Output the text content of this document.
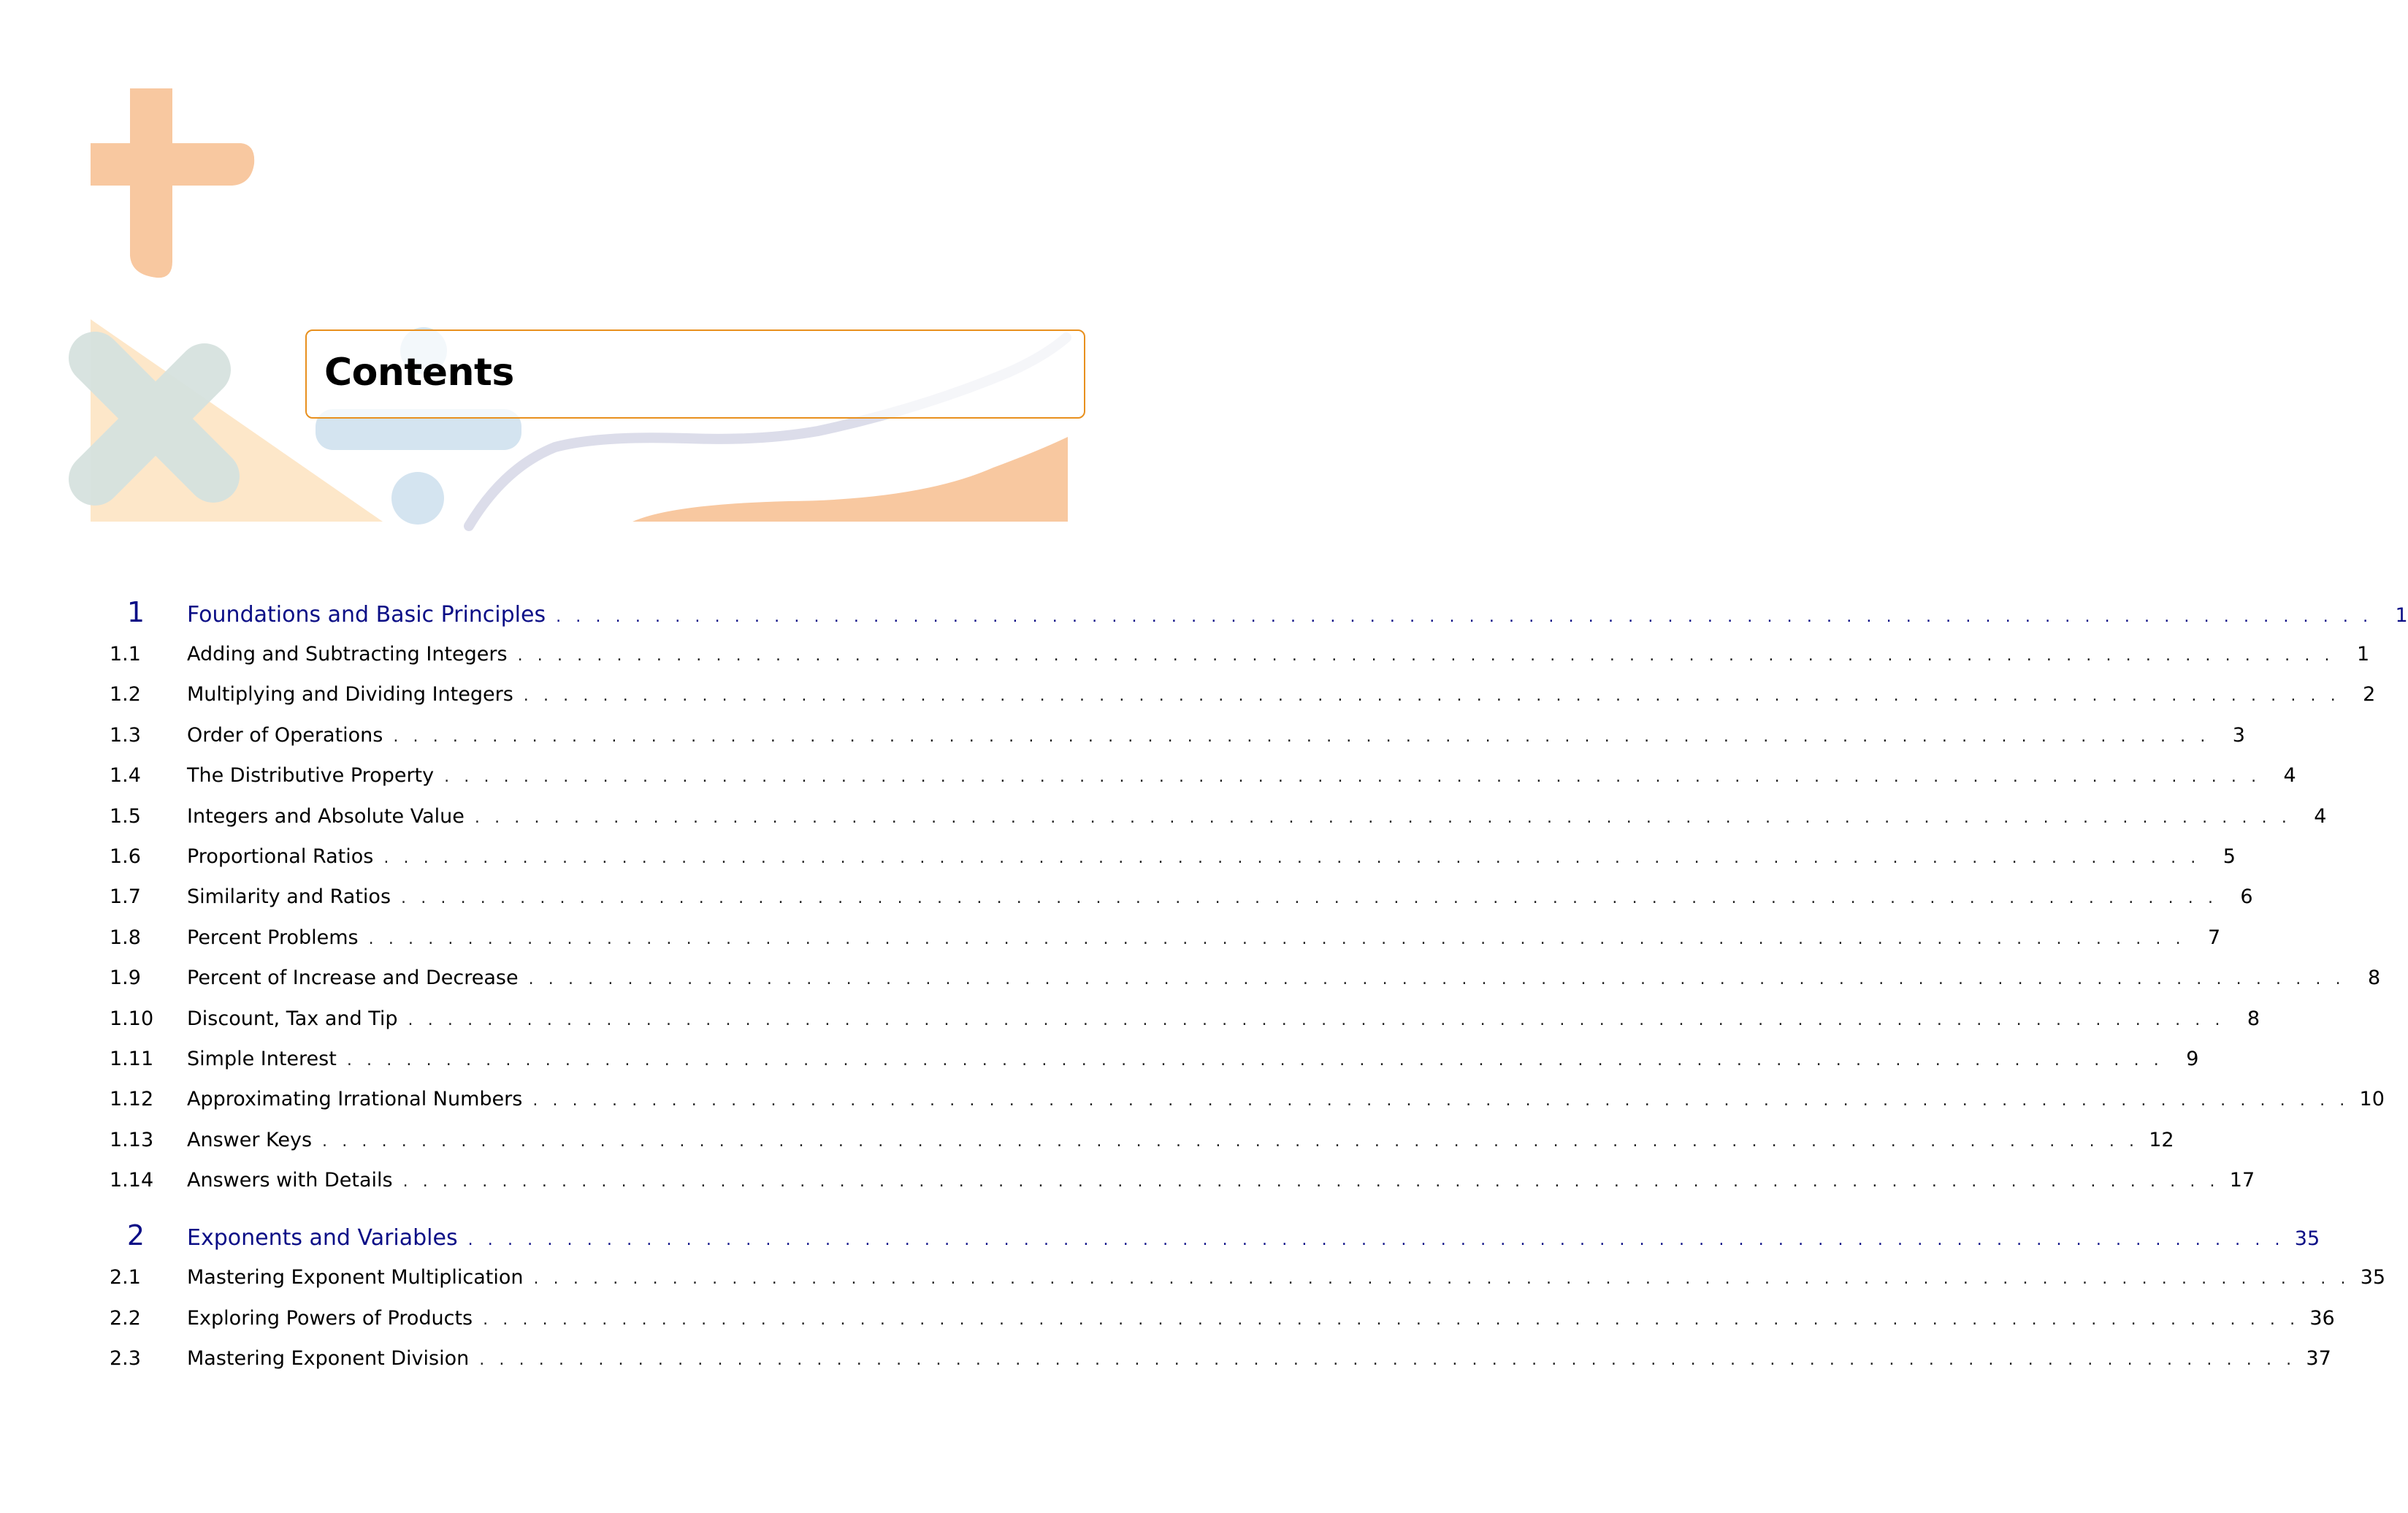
Contents
1	Foundations and Basic Principles . . . . . . . . . . . . . . . . . . . . . . . . . . . . . . . . . . . . . . . . . . . . . . . . . . . . . . . . . . . . . . . . . . . . . . . . . . . . . . . . . . . . . . . . . . . .	1
1.1	Adding and Subtracting Integers . . . . . . . . . . . . . . . . . . . . . . . . . . . . . . . . . . . . . . . . . . . . . . . . . . . . . . . . . . . . . . . . . . . . . . . . . . . . . . . . . . . . . . . . . . . .	1
1.2	Multiplying and Dividing Integers . . . . . . . . . . . . . . . . . . . . . . . . . . . . . . . . . . . . . . . . . . . . . . . . . . . . . . . . . . . . . . . . . . . . . . . . . . . . . . . . . . . . . . . . . . . .	2
1.3	Order of Operations . . . . . . . . . . . . . . . . . . . . . . . . . . . . . . . . . . . . . . . . . . . . . . . . . . . . . . . . . . . . . . . . . . . . . . . . . . . . . . . . . . . . . . . . . . . .	3
1.4	The Distributive Property . . . . . . . . . . . . . . . . . . . . . . . . . . . . . . . . . . . . . . . . . . . . . . . . . . . . . . . . . . . . . . . . . . . . . . . . . . . . . . . . . . . . . . . . . . . .	4
1.5	Integers and Absolute Value . . . . . . . . . . . . . . . . . . . . . . . . . . . . . . . . . . . . . . . . . . . . . . . . . . . . . . . . . . . . . . . . . . . . . . . . . . . . . . . . . . . . . . . . . . . .	4
1.6	Proportional Ratios . . . . . . . . . . . . . . . . . . . . . . . . . . . . . . . . . . . . . . . . . . . . . . . . . . . . . . . . . . . . . . . . . . . . . . . . . . . . . . . . . . . . . . . . . . . .	5
1.7	Similarity and Ratios . . . . . . . . . . . . . . . . . . . . . . . . . . . . . . . . . . . . . . . . . . . . . . . . . . . . . . . . . . . . . . . . . . . . . . . . . . . . . . . . . . . . . . . . . . . .	6
1.8	Percent Problems . . . . . . . . . . . . . . . . . . . . . . . . . . . . . . . . . . . . . . . . . . . . . . . . . . . . . . . . . . . . . . . . . . . . . . . . . . . . . . . . . . . . . . . . . . . .	7
1.9	Percent of Increase and Decrease . . . . . . . . . . . . . . . . . . . . . . . . . . . . . . . . . . . . . . . . . . . . . . . . . . . . . . . . . . . . . . . . . . . . . . . . . . . . . . . . . . . . . . . . . . . .	8
1.10	Discount, Tax and Tip . . . . . . . . . . . . . . . . . . . . . . . . . . . . . . . . . . . . . . . . . . . . . . . . . . . . . . . . . . . . . . . . . . . . . . . . . . . . . . . . . . . . . . . . . . . .	8
1.11	Simple Interest . . . . . . . . . . . . . . . . . . . . . . . . . . . . . . . . . . . . . . . . . . . . . . . . . . . . . . . . . . . . . . . . . . . . . . . . . . . . . . . . . . . . . . . . . . . .	9
1.12	Approximating Irrational Numbers . . . . . . . . . . . . . . . . . . . . . . . . . . . . . . . . . . . . . . . . . . . . . . . . . . . . . . . . . . . . . . . . . . . . . . . . . . . . . . . . . . . . . . . . . . . . 10
1.13	Answer Keys . . . . . . . . . . . . . . . . . . . . . . . . . . . . . . . . . . . . . . . . . . . . . . . . . . . . . . . . . . . . . . . . . . . . . . . . . . . . . . . . . . . . . . . . . . . . 12
1.14	Answers with Details . . . . . . . . . . . . . . . . . . . . . . . . . . . . . . . . . . . . . . . . . . . . . . . . . . . . . . . . . . . . . . . . . . . . . . . . . . . . . . . . . . . . . . . . . . . . 17
2	Exponents and Variables . . . . . . . . . . . . . . . . . . . . . . . . . . . . . . . . . . . . . . . . . . . . . . . . . . . . . . . . . . . . . . . . . . . . . . . . . . . . . . . . . . . . . . . . . . . . 35
2.1	Mastering Exponent Multiplication . . . . . . . . . . . . . . . . . . . . . . . . . . . . . . . . . . . . . . . . . . . . . . . . . . . . . . . . . . . . . . . . . . . . . . . . . . . . . . . . . . . . . . . . . . . . 35
2.2	Exploring Powers of Products . . . . . . . . . . . . . . . . . . . . . . . . . . . . . . . . . . . . . . . . . . . . . . . . . . . . . . . . . . . . . . . . . . . . . . . . . . . . . . . . . . . . . . . . . . . . 36
2.3	Mastering Exponent Division . . . . . . . . . . . . . . . . . . . . . . . . . . . . . . . . . . . . . . . . . . . . . . . . . . . . . . . . . . . . . . . . . . . . . . . . . . . . . . . . . . . . . . . . . . . . 37
